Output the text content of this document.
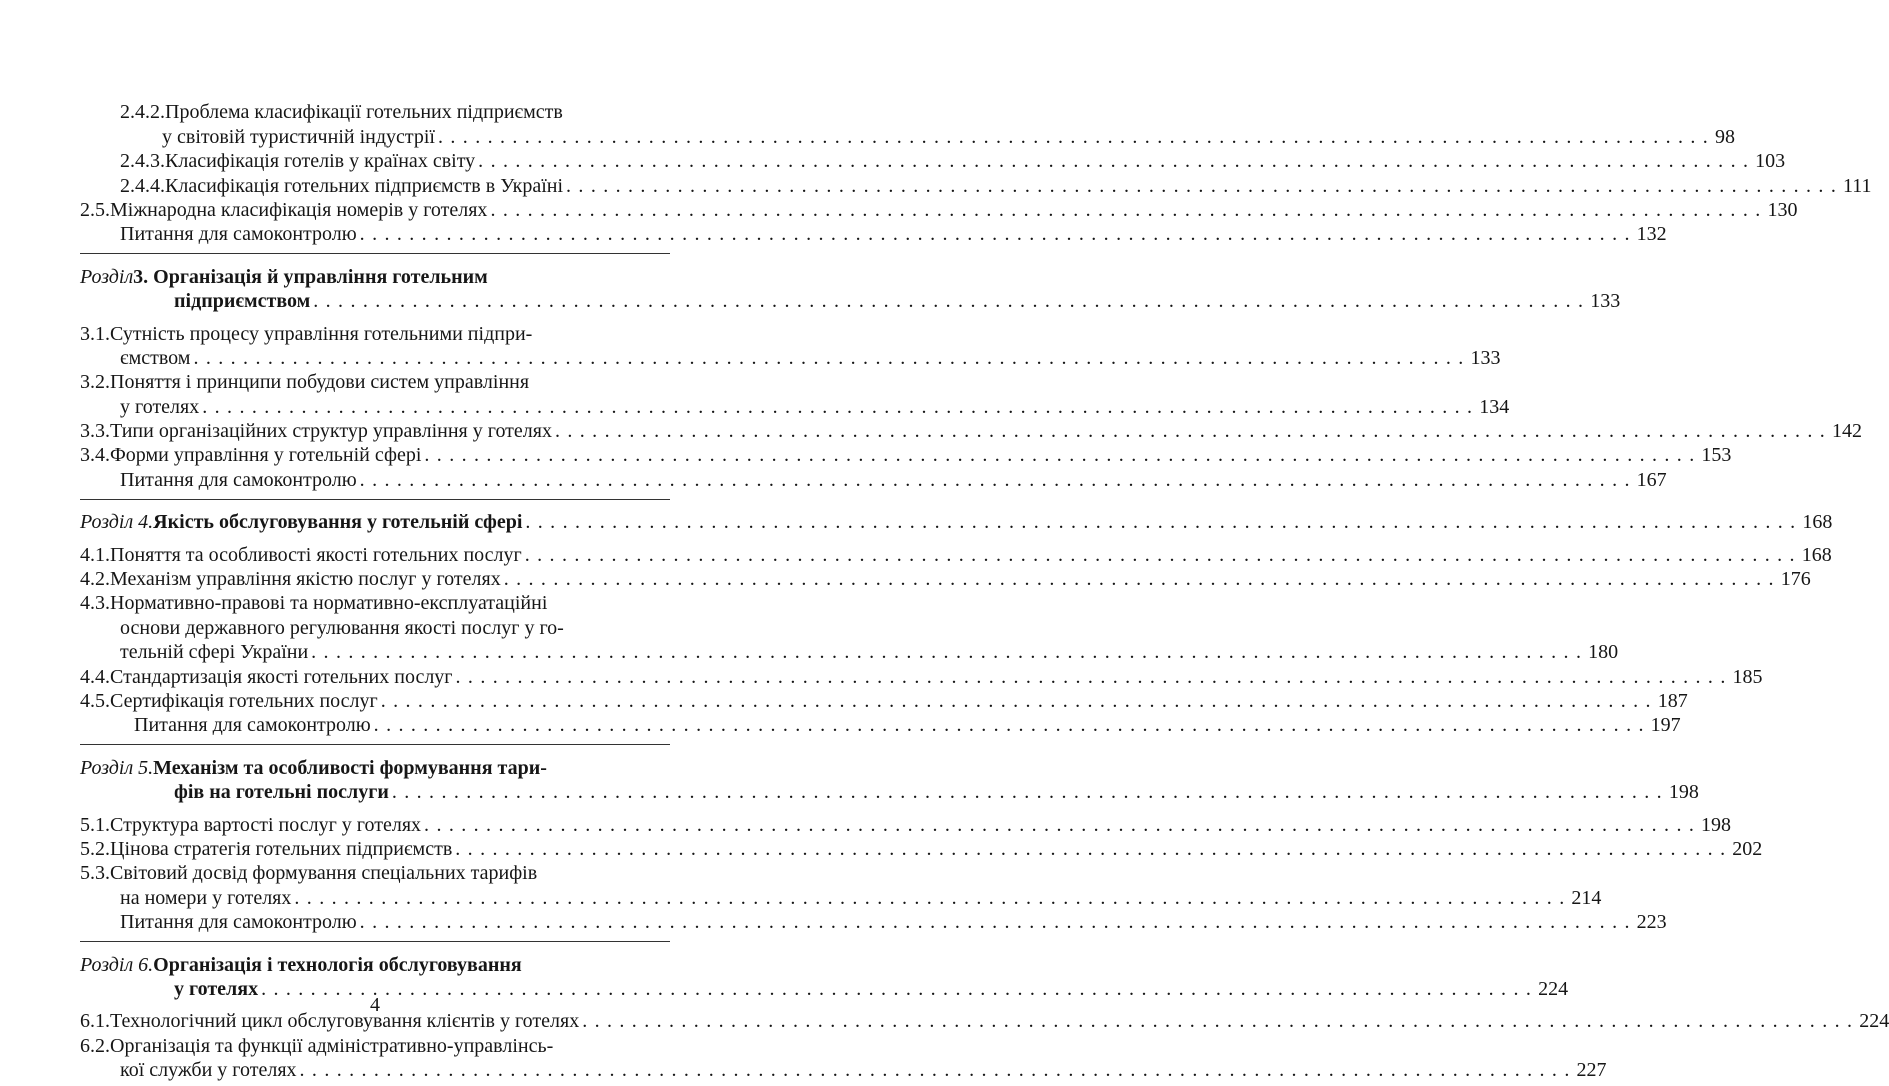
2.4.2. Проблема класифікації готельних підприємств
у світовій туристичній індустрії . . .	98
2.4.3. Класифікація готелів у країнах світу . . .	103
2.4.4. Класифікація готельних підприємств в Україні . . .	111
2.5. Міжнародна класифікація номерів у готелях . . .	130
Питання для самоконтролю . . .	132
Розділ 3. Організація й управління готельним
підприємством . . .	133
3.1. Сутність процесу управління готельними підпри-
ємством . . .	133
3.2. Поняття і принципи побудови систем управління
у готелях . . .	134
3.3. Типи організаційних структур управління у готелях . . .	142
3.4. Форми управління у готельній сфері . . .	153
Питання для самоконтролю . . .	167
Розділ 4. Якість обслуговування у готельній сфері . . .	168
4.1. Поняття та особливості якості готельних послуг . . .	168
4.2. Механізм управління якістю послуг у готелях . . .	176
4.3. Нормативно-правові та нормативно-експлуатаційні
основи державного регулювання якості послуг у го-
тельній сфері України . . .	180
4.4. Стандартизація якості готельних послуг . . .	185
4.5. Сертифікація готельних послуг . . .	187
Питання для самоконтролю . . .	197
Розділ 5. Механізм та особливості формування тари-
фів на готельні послуги . . .	198
5.1. Структура вартості послуг у готелях . . .	198
5.2. Цінова стратегія готельних підприємств . . .	202
5.3. Світовий досвід формування спеціальних тарифів
на номери у готелях . . .	214
Питання для самоконтролю . . .	223
Розділ 6. Організація і технологія обслуговування
у готелях . . .	224
6.1. Технологічний цикл обслуговування клієнтів у готелях . . .	224
6.2. Організація та функції адміністративно-управлінсь-
кої служби у готелях . . .	227
4
